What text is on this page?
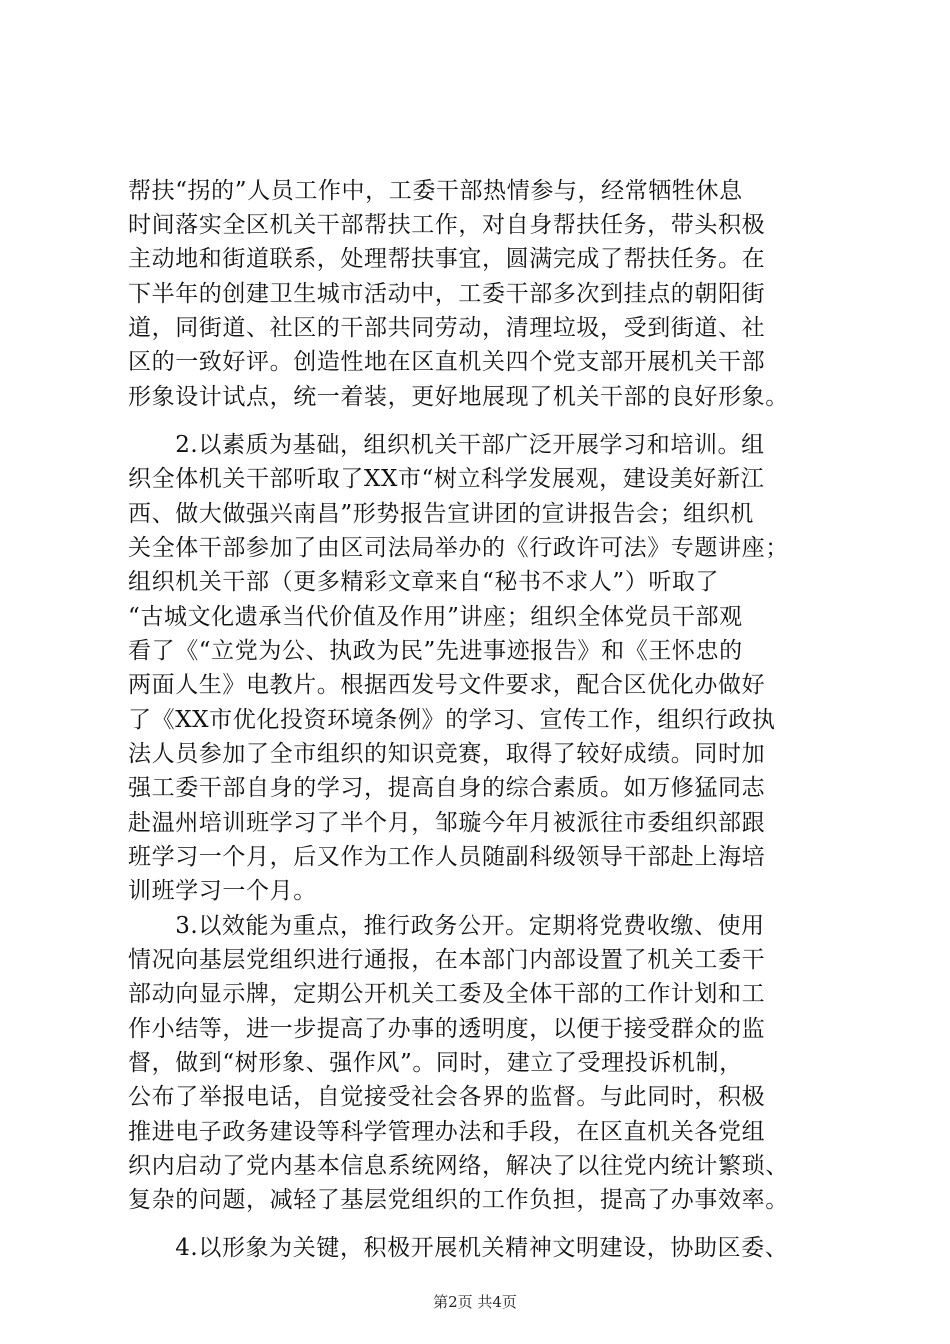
帮扶“拐的”人员工作中，工委干部热情参与，经常牺牲休息
时间落实全区机关干部帮扶工作，对自身帮扶任务，带头积极
主动地和街道联系，处理帮扶事宜，圆满完成了帮扶任务。在
下半年的创建卫生城市活动中，工委干部多次到挂点的朝阳街
道，同街道、社区的干部共同劳动，清理垃圾，受到街道、社
区的一致好评。创造性地在区直机关四个党支部开展机关干部
形象设计试点，统一着装，更好地展现了机关干部的良好形象。
　　2.以素质为基础，组织机关干部广泛开展学习和培训。组
织全体机关干部听取了XX市“树立科学发展观，建设美好新江
西、做大做强兴南昌”形势报告宣讲团的宣讲报告会；组织机
关全体干部参加了由区司法局举办的《行政许可法》专题讲座；
组织机关干部（更多精彩文章来自“秘书不求人”）听取了
“古城文化遗承当代价值及作用”讲座；组织全体党员干部观
看了《“立党为公、执政为民”先进事迹报告》和《王怀忠的
两面人生》电教片。根据西发号文件要求，配合区优化办做好
了《XX市优化投资环境条例》的学习、宣传工作，组织行政执
法人员参加了全市组织的知识竞赛，取得了较好成绩。同时加
强工委干部自身的学习，提高自身的综合素质。如万修猛同志
赴温州培训班学习了半个月，邹璇今年月被派往市委组织部跟
班学习一个月，后又作为工作人员随副科级领导干部赴上海培
训班学习一个月。
　　3.以效能为重点，推行政务公开。定期将党费收缴、使用
情况向基层党组织进行通报，在本部门内部设置了机关工委干
部动向显示牌，定期公开机关工委及全体干部的工作计划和工
作小结等，进一步提高了办事的透明度，以便于接受群众的监
督，做到“树形象、强作风”。同时，建立了受理投诉机制，
公布了举报电话，自觉接受社会各界的监督。与此同时，积极
推进电子政务建设等科学管理办法和手段，在区直机关各党组
织内启动了党内基本信息系统网络，解决了以往党内统计繁琐、
复杂的问题，减轻了基层党组织的工作负担，提高了办事效率。
　　4.以形象为关键，积极开展机关精神文明建设，协助区委、
第2页 共4页
